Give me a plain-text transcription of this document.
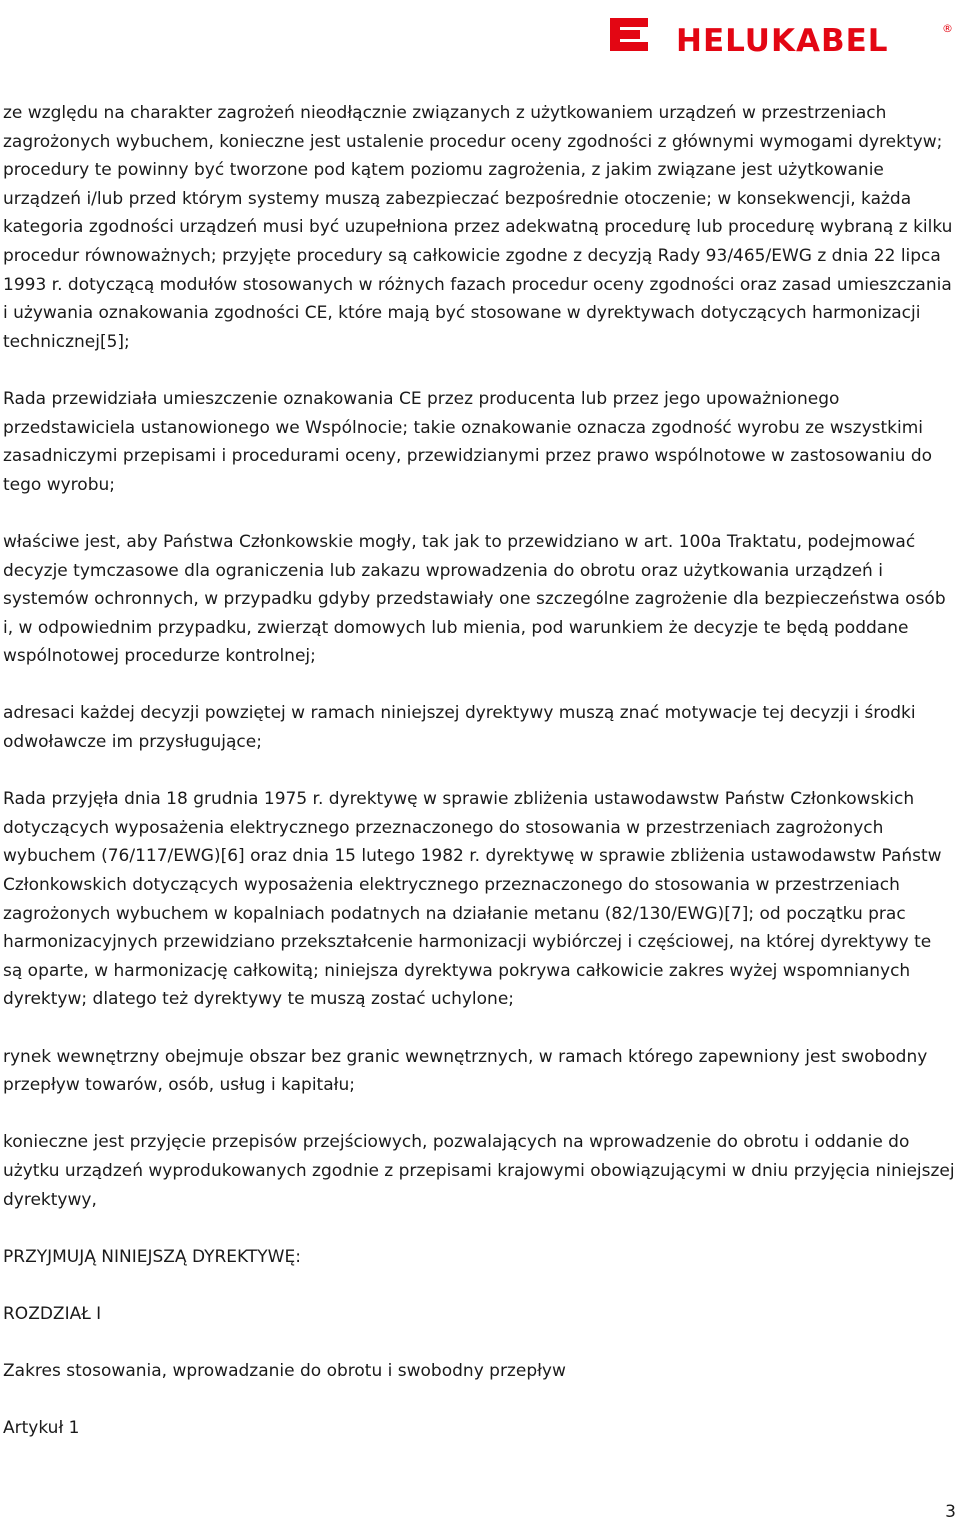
HELUKABEL	®

ze względu na charakter zagrożeń nieodłącznie związanych z użytkowaniem urządzeń w przestrzeniach zagrożonych wybuchem, konieczne jest ustalenie procedur oceny zgodności z głównymi wymogami dyrektyw; procedury te powinny być tworzone pod kątem poziomu zagrożenia, z jakim związane jest użytkowanie urządzeń i/lub przed którym systemy muszą zabezpieczać bezpośrednie otoczenie; w konsekwencji, każda kategoria zgodności urządzeń musi być uzupełniona przez adekwatną procedurę lub procedurę wybraną z kilku procedur równoważnych; przyjęte procedury są całkowicie zgodne z decyzją Rady 93/465/EWG z dnia 22 lipca 1993 r. dotyczącą modułów stosowanych w różnych fazach procedur oceny zgodności oraz zasad umieszczania i używania oznakowania zgodności CE, które mają być stosowane w dyrektywach dotyczących harmonizacji technicznej[5];

Rada przewidziała umieszczenie oznakowania CE przez producenta lub przez jego upoważnionego przedstawiciela ustanowionego we Wspólnocie; takie oznakowanie oznacza zgodność wyrobu ze wszystkimi zasadniczymi przepisami i procedurami oceny, przewidzianymi przez prawo wspólnotowe w zastosowaniu do tego wyrobu;

właściwe jest, aby Państwa Członkowskie mogły, tak jak to przewidziano w art. 100a Traktatu, podejmować decyzje tymczasowe dla ograniczenia lub zakazu wprowadzenia do obrotu oraz użytkowania urządzeń i systemów ochronnych, w przypadku gdyby przedstawiały one szczególne zagrożenie dla bezpieczeństwa osób i, w odpowiednim przypadku, zwierząt domowych lub mienia, pod warunkiem że decyzje te będą poddane wspólnotowej procedurze kontrolnej;

adresaci każdej decyzji powziętej w ramach niniejszej dyrektywy muszą znać motywacje tej decyzji i środki odwoławcze im przysługujące;

Rada przyjęła dnia 18 grudnia 1975 r. dyrektywę w sprawie zbliżenia ustawodawstw Państw Członkowskich dotyczących wyposażenia elektrycznego przeznaczonego do stosowania w przestrzeniach zagrożonych wybuchem (76/117/EWG)[6] oraz dnia 15 lutego 1982 r. dyrektywę w sprawie zbliżenia ustawodawstw Państw Członkowskich dotyczących wyposażenia elektrycznego przeznaczonego do stosowania w przestrzeniach zagrożonych wybuchem w kopalniach podatnych na działanie metanu (82/130/EWG)[7]; od początku prac harmonizacyjnych przewidziano przekształcenie harmonizacji wybiórczej i częściowej, na której dyrektywy te są oparte, w harmonizację całkowitą; niniejsza dyrektywa pokrywa całkowicie zakres wyżej wspomnianych dyrektyw; dlatego też dyrektywy te muszą zostać uchylone;

rynek wewnętrzny obejmuje obszar bez granic wewnętrznych, w ramach którego zapewniony jest swobodny przepływ towarów, osób, usług i kapitału;

konieczne jest przyjęcie przepisów przejściowych, pozwalających na wprowadzenie do obrotu i oddanie do użytku urządzeń wyprodukowanych zgodnie z przepisami krajowymi obowiązującymi w dniu przyjęcia niniejszej dyrektywy,

PRZYJMUJĄ NINIEJSZĄ DYREKTYWĘ:

ROZDZIAŁ I

Zakres stosowania, wprowadzanie do obrotu i swobodny przepływ

Artykuł 1

3
